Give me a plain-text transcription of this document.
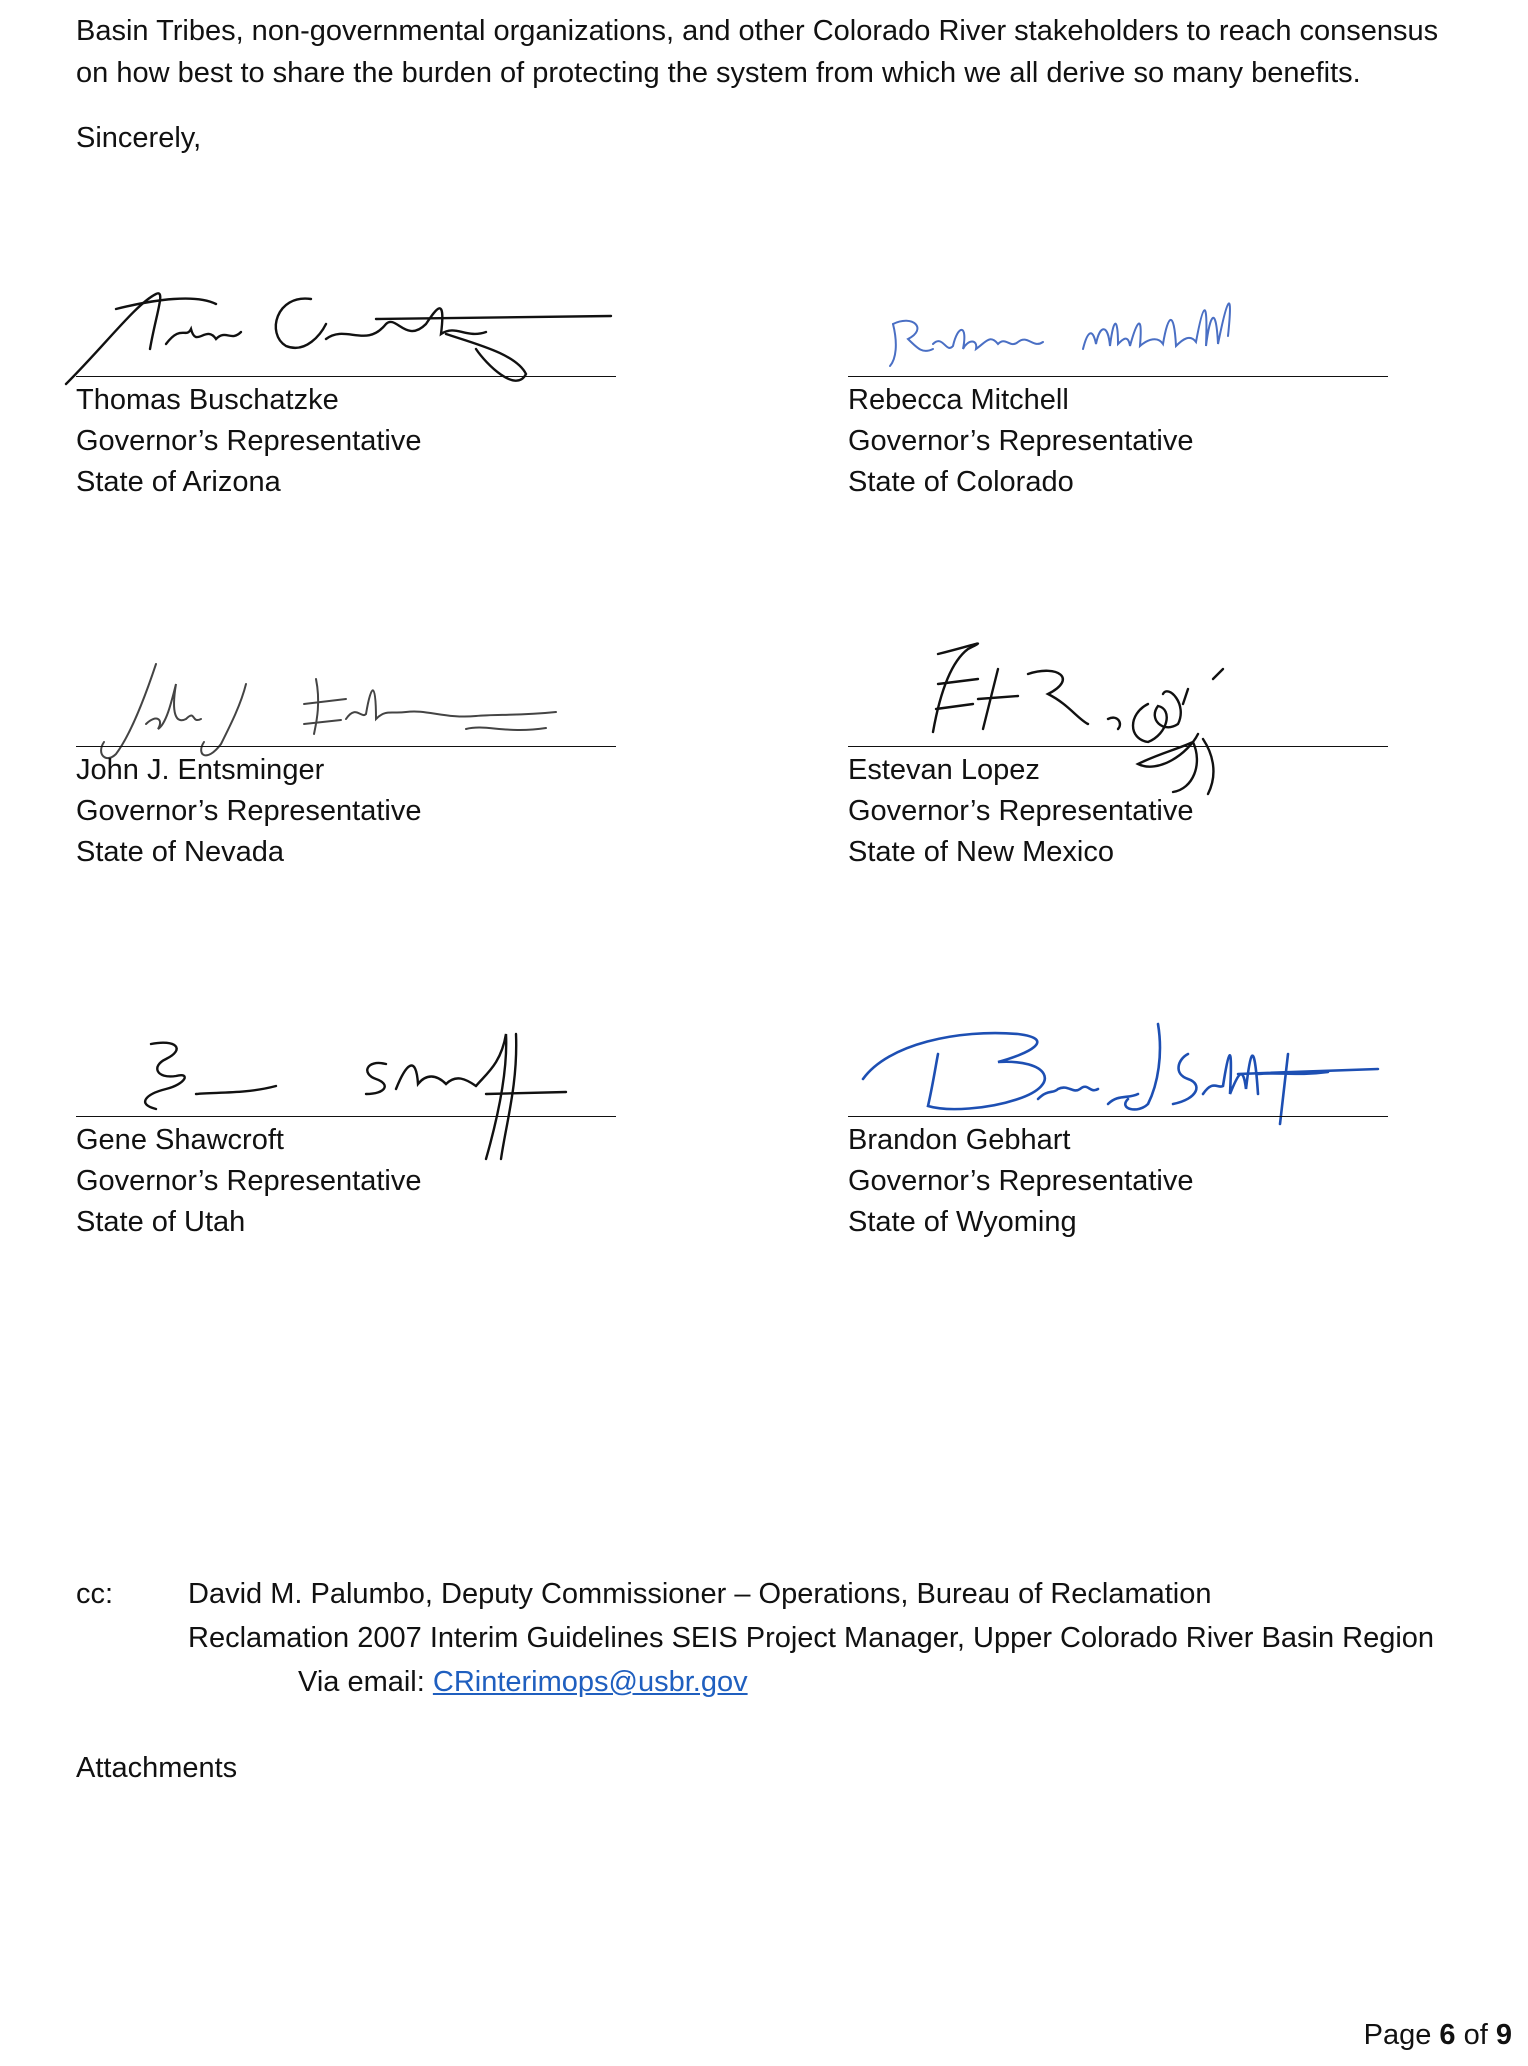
Basin Tribes, non-governmental organizations, and other Colorado River stakeholders to reach consensus
on how best to share the burden of protecting the system from which we all derive so many benefits.

Sincerely,

Thomas Buschatzke
Governor’s Representative
State of Arizona
Rebecca Mitchell
Governor’s Representative
State of Colorado
John J. Entsminger
Governor’s Representative
State of Nevada
Estevan Lopez
Governor’s Representative
State of New Mexico
Gene Shawcroft
Governor’s Representative
State of Utah
Brandon Gebhart
Governor’s Representative
State of Wyoming
cc:	David M. Palumbo, Deputy Commissioner – Operations, Bureau of Reclamation
Reclamation 2007 Interim Guidelines SEIS Project Manager, Upper Colorado River Basin Region
Via email: CRinterimops@usbr.gov
Attachments
Page 6 of 9
